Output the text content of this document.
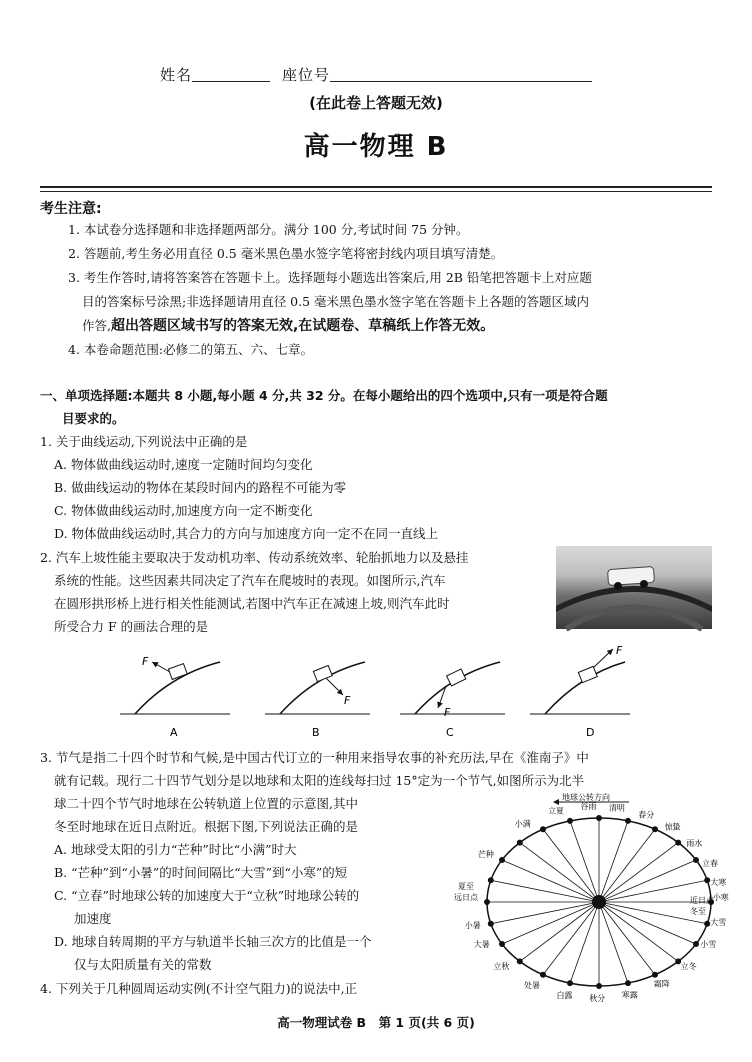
姓名	座位号
(在此卷上答题无效)
高一物理 B
考生注意:
1. 本试卷分选择题和非选择题两部分。满分 100 分,考试时间 75 分钟。
2. 答题前,考生务必用直径 0.5 毫米黑色墨水签字笔将密封线内项目填写清楚。
3. 考生作答时,请将答案答在答题卡上。选择题每小题选出答案后,用 2B 铅笔把答题卡上对应题
目的答案标号涂黑;非选择题请用直径 0.5 毫米黑色墨水签字笔在答题卡上各题的答题区域内
作答,超出答题区域书写的答案无效,在试题卷、草稿纸上作答无效。
4. 本卷命题范围:必修二的第五、六、七章。
一、单项选择题:本题共 8 小题,每小题 4 分,共 32 分。在每小题给出的四个选项中,只有一项是符合题
目要求的。
1. 关于曲线运动,下列说法中正确的是
A. 物体做曲线运动时,速度一定随时间均匀变化
B. 做曲线运动的物体在某段时间内的路程不可能为零
C. 物体做曲线运动时,加速度方向一定不断变化
D. 物体做曲线运动时,其合力的方向与加速度方向一定不在同一直线上
2. 汽车上坡性能主要取决于发动机功率、传动系统效率、轮胎抓地力以及悬挂
系统的性能。这些因素共同决定了汽车在爬坡时的表现。如图所示,汽车
在圆形拱形桥上进行相关性能测试,若图中汽车正在减速上坡,则汽车此时
所受合力 F 的画法合理的是
F
F
F
F
A	B	C	D
3. 节气是指二十四个时节和气候,是中国古代订立的一种用来指导农事的补充历法,早在《淮南子》中
就有记载。现行二十四节气划分是以地球和太阳的连线每扫过 15°定为一个节气,如图所示为北半
球二十四个节气时地球在公转轨道上位置的示意图,其中
冬至时地球在近日点附近。根据下图,下列说法正确的是
A. 地球受太阳的引力“芒种”时比“小满”时大
B. “芒种”到“小暑”的时间间隔比“大雪”到“小寒”的短
C. “立春”时地球公转的加速度大于“立秋”时地球公转的
加速度
D. 地球自转周期的平方与轨道半长轴三次方的比值是一个
仅与太阳质量有关的常数
地球公转方向
小满
立夏
谷雨 清明
春分
惊蛰
雨水
立春
大寒
小寒
大雪
小雪
立冬
霜降
寒露
秋分
白露
处暑
立秋
大暑
小暑
芒种
夏至
远日点	近日点
冬至
4. 下列关于几种圆周运动实例(不计空气阻力)的说法中,正
高一物理试卷 B　第 1 页(共 6 页)
